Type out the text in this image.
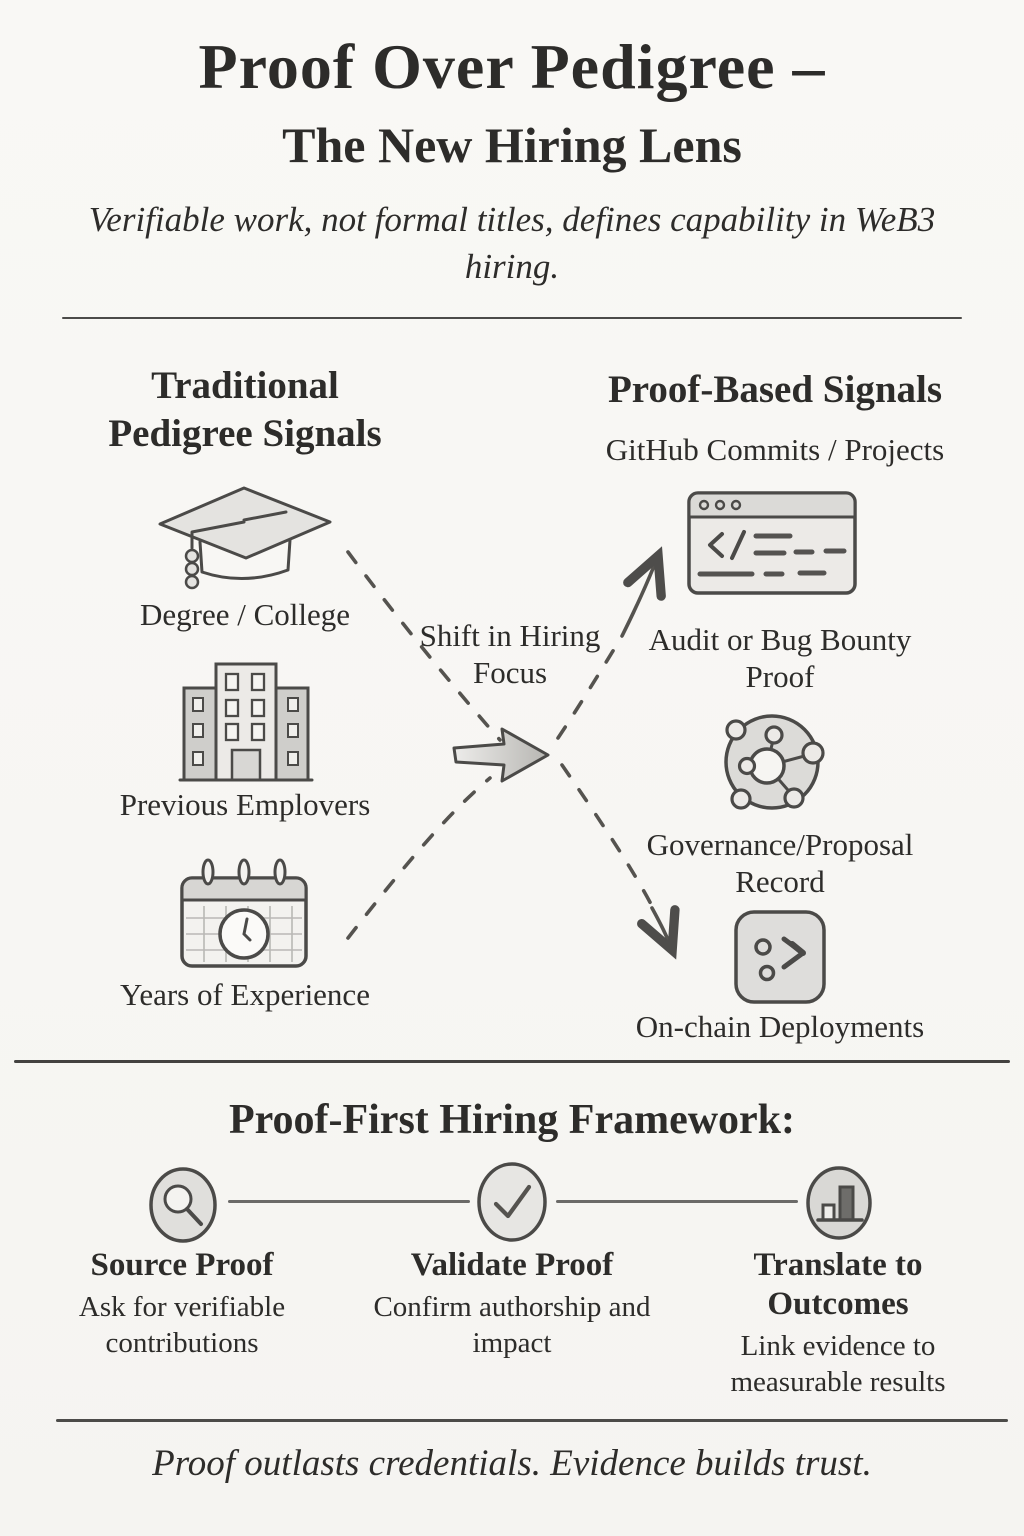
Proof Over Pedigree –
The New Hiring Lens
Verifiable work, not formal titles, defines capability in WeB3 hiring.
Traditional Pedigree Signals
Proof-Based Signals
Degree / College
Previous Emplovers
Years of Experience
GitHub Commits / Projects
Audit or Bug Bounty Proof
Governance/Proposal Record
On-chain Deployments
Shift in Hiring Focus
Proof-First Hiring Framework:
Source Proof
Ask for verifiable contributions
Validate Proof
Confirm authorship and impact
Translate to Outcomes
Link evidence to measurable results
Proof outlasts credentials. Evidence builds trust.
